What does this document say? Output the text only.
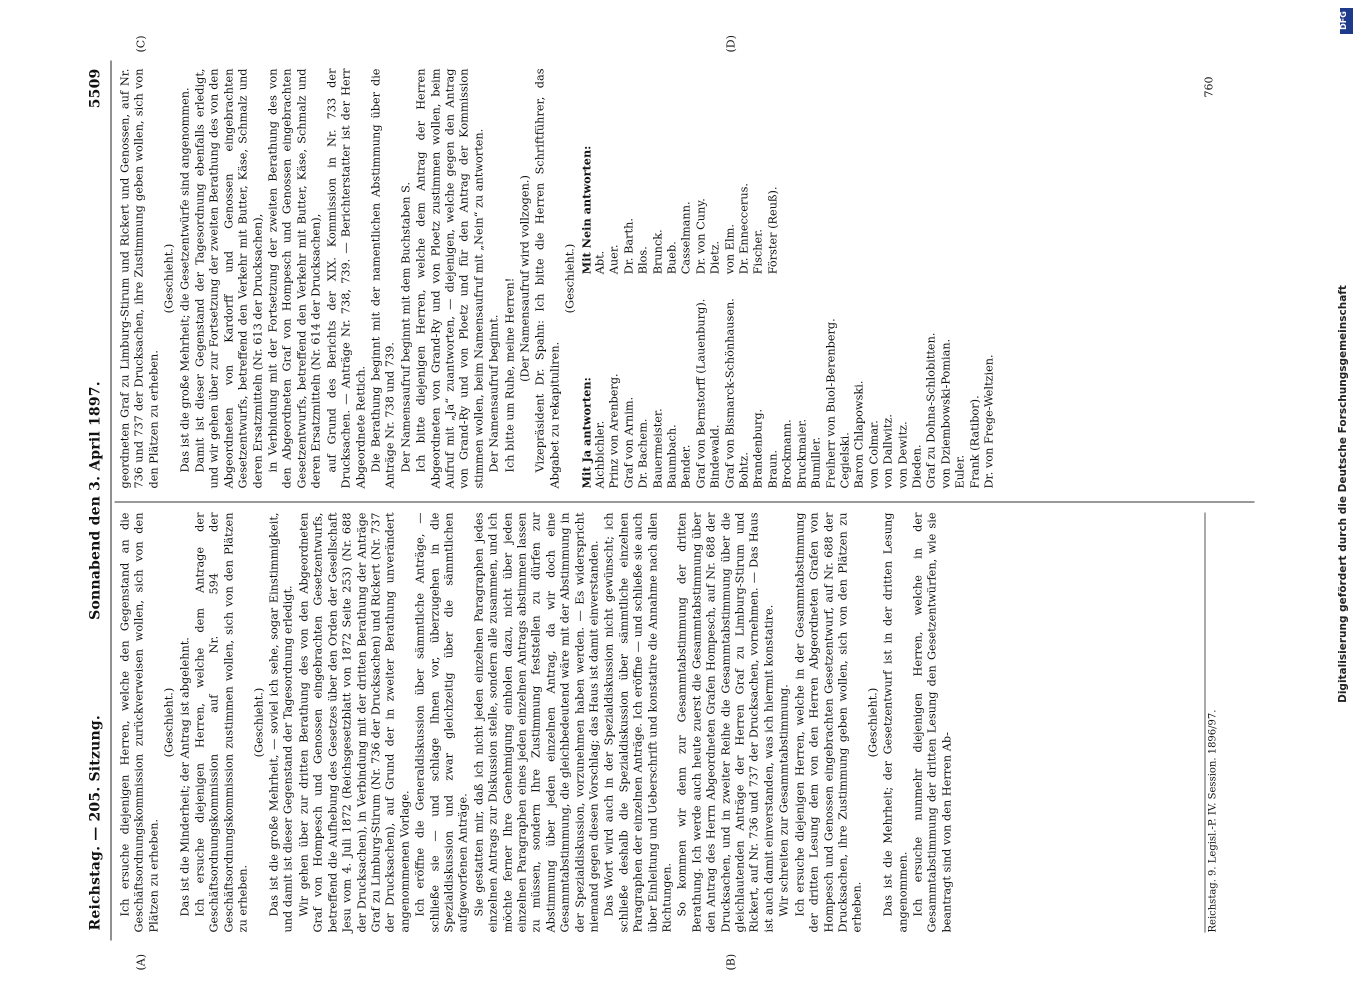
Reichstag. — 205. Sitzung.
Sonnabend den 3. April 1897.
5509
(A)	(B)
(C)	(D)

Ich ersuche diejenigen Herren, welche den Gegenstand an die Geschäftsordnungskommission zurückverweisen wollen, sich von den Plätzen zu erheben.

(Geschieht.) Das ist die Minderheit; der Antrag ist abgelehnt. Ich ersuche diejenigen Herren, welche dem Antrage der Geschäftsordnungskommission auf Nr. 594 der Geschäftsordnungskommission zustimmen wollen, sich von den Plätzen zu erheben.

(Geschieht.) Das ist die große Mehrheit, — soviel ich sehe, sogar Einstimmigkeit, und damit ist dieser Gegenstand der Tagesordnung erledigt. Wir gehen über zur dritten Berathung des von den Abgeordneten Graf von Hompesch und Genossen eingebrachten Gesetzentwurfs, betreffend die Aufhebung des Gesetzes über den Orden der Gesellschaft Jesu vom 4. Juli 1872 (Reichsgesetzblatt von 1872 Seite 253) (Nr. 688 der Drucksachen), in Verbindung mit der dritten Berathung der Anträge Graf zu Limburg-Stirum (Nr. 736 der Drucksachen) und Rickert (Nr. 737 der Drucksachen), auf Grund der in zweiter Berathung unverändert angenommenen Vorlage. Ich eröffne die Generaldiskussion über sämmtliche Anträge, — schließe sie — und schlage Ihnen vor, überzugehen in die Spezialdiskussion und zwar gleichzeitig über die sämmtlichen aufgeworfenen Anträge. Sie gestatten mir, daß ich nicht jeden einzelnen Paragraphen jedes einzelnen Antrags zur Diskussion stelle, sondern alle zusammen, und ich möchte ferner Ihre Genehmigung einholen dazu, nicht über jeden einzelnen Paragraphen eines jeden einzelnen Antrags abstimmen lassen zu müssen, sondern Ihre Zustimmung feststellen zu dürfen zur Abstimmung über jeden einzelnen Antrag, da wir doch eine Gesammtabstimmung, die gleichbedeutend wäre mit der Abstimmung in der Spezialdiskussion, vorzunehmen haben werden. — Es widerspricht niemand gegen diesen Vorschlag; das Haus ist damit einverstanden. Das Wort wird auch in der Spezialdiskussion nicht gewünscht; ich schließe deshalb die Spezialdiskussion über sämmtliche einzelnen Paragraphen der einzelnen Anträge. Ich eröffne — und schließe sie auch über Einleitung und Ueberschrift und konstatire die Annahme nach allen Richtungen. So kommen wir denn zur Gesammtabstimmung der dritten Berathung. Ich werde auch heute zuerst die Gesammtabstimmung über den Antrag des Herrn Abgeordneten Grafen Hompesch, auf Nr. 688 der Drucksachen, und in zweiter Reihe die Gesammtabstimmung über die gleichlautenden Anträge der Herren Graf zu Limburg-Stirum und Rickert, auf Nr. 736 und 737 der Drucksachen, vornehmen. — Das Haus ist auch damit einverstanden, was ich hiermit konstatire. Wir schreiten zur Gesammtabstimmung. Ich ersuche diejenigen Herren, welche in der Gesammtabstimmung der dritten Lesung dem von den Herren Abgeordneten Grafen von Hompesch und Genossen eingebrachten Gesetzentwurf, auf Nr. 688 der Drucksachen, ihre Zustimmung geben wollen, sich von den Plätzen zu erheben.

(Geschieht.) Das ist die Mehrheit; der Gesetzentwurf ist in der dritten Lesung angenommen. Ich ersuche nunmehr diejenigen Herren, welche in der Gesammtabstimmung der dritten Lesung den Gesetzentwürfen, wie sie beantragt sind von den Herren Ab-	Reichstag. 9. Legisl.-P. IV. Session. 1896/97.

geordneten Graf zu Limburg-Stirum und Rickert und Genossen, auf Nr. 736 und 737 der Drucksachen, ihre Zustimmung geben wollen, sich von den Plätzen zu erheben.

(Geschieht.) Das ist die große Mehrheit; die Gesetzentwürfe sind angenommen. Damit ist dieser Gegenstand der Tagesordnung ebenfalls erledigt, und wir gehen über zur Fortsetzung der zweiten Berathung des von den Abgeordneten von Kardorff und Genossen eingebrachten Gesetzentwurfs, betreffend den Verkehr mit Butter, Käse, Schmalz und deren Ersatzmitteln (Nr. 613 der Drucksachen), in Verbindung mit der Fortsetzung der zweiten Berathung des von den Abgeordneten Graf von Hompesch und Genossen eingebrachten Gesetzentwurfs, betreffend den Verkehr mit Butter, Käse, Schmalz und deren Ersatzmitteln (Nr. 614 der Drucksachen), auf Grund des Berichts der XIX. Kommission in Nr. 733 der Drucksachen. — Anträge Nr. 738, 739. — Berichterstatter ist der Herr Abgeordnete Rettich. Die Berathung beginnt mit der namentlichen Abstimmung über die Anträge Nr. 738 und 739. Der Namensaufruf beginnt mit dem Buchstaben S. Ich bitte diejenigen Herren, welche dem Antrag der Herren Abgeordneten von Grand-Ry und von Ploetz zustimmen wollen, beim Aufruf mit „Ja“ zuantworten, — diejenigen, welche gegen den Antrag von Grand-Ry und von Ploetz und für den Antrag der Kommission stimmen wollen, beim Namensaufruf mit „Nein“ zu antworten. Der Namensaufruf beginnt. Ich bitte um Ruhe, meine Herren! (Der Namensaufruf wird vollzogen.) Vizepräsident Dr. Spahn: Ich bitte die Herren Schriftführer, das Abgabet zu rekapituliren.

(Geschieht.)

Mit Ja antworten: Aichbichler. Prinz von Arenberg. Graf von Arnim. Dr. Bachem. Bauermeister. Baumbach. Bender. Graf von Bernstorff (Lauenburg). Bindewald. Graf von Bismarck-Schönhausen. Bohtz. Brandenburg. Braun. Brockmann. Bruckmaier. Bumiller. Freiherr von Buol-Berenberg. Cegielski. Baron Chlapowski. von Colmar. von Dallwitz. von Dewitz. Dieden. Graf zu Dohna-Schlobitten. von Dziembowski-Pomian. Euler. Frank (Ratibor). Dr. von Frege-Weltzien.
Mit Nein antworten: Abt. Auer. Dr. Barth. Blos. Brunck. Bueb. Casselmann. Dr. von Cuny. Dietz. von Elm. Dr. Enneccerus. Fischer. Förster (Reuß).
760
Digitalisierung gefördert durch die Deutsche Forschungsgemeinschaft
DFG
